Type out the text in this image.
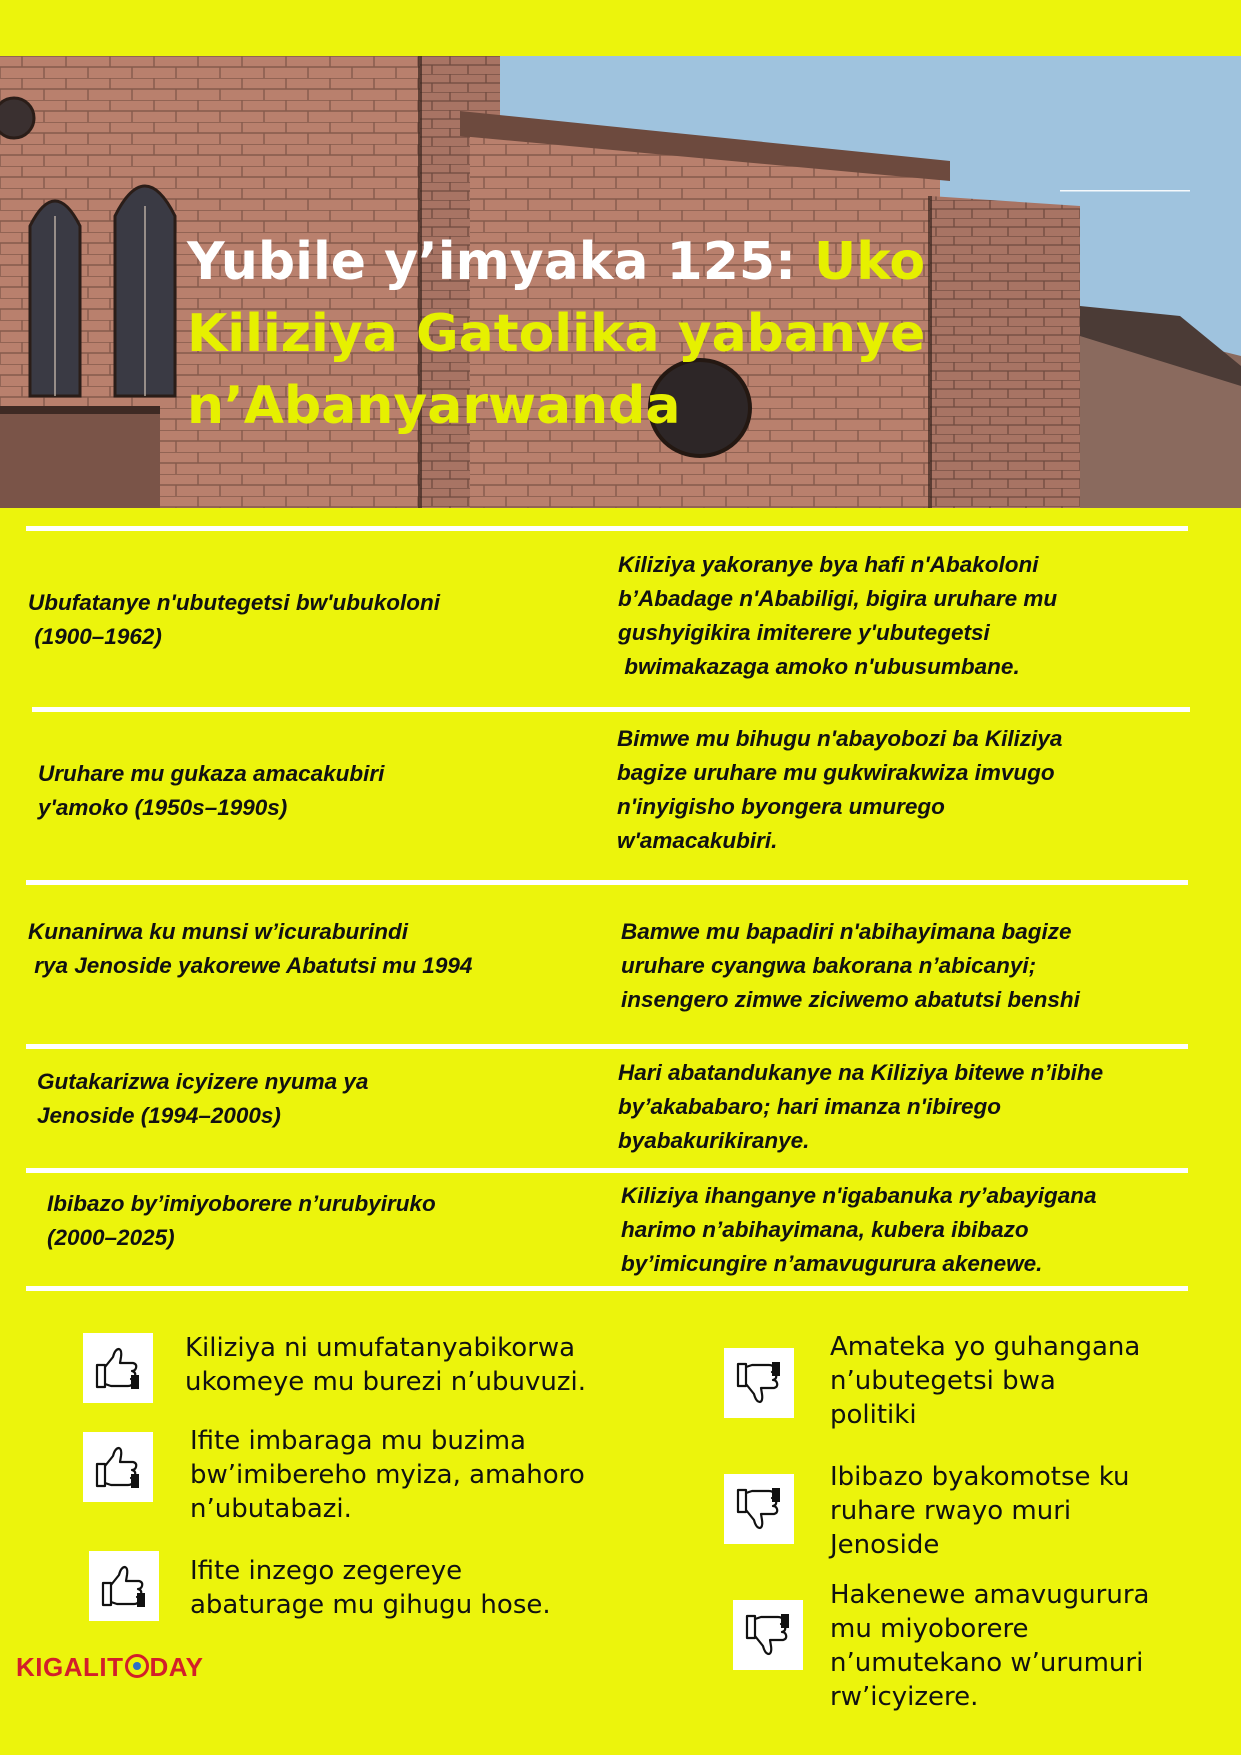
Yubile y’imyaka 125: Uko
Kiliziya Gatolika yabanye
n’Abanyarwanda
Ubufatanye n'ubutegetsi bw'ubukoloni
(1900–1962)
Kiliziya yakoranye bya hafi n'Abakoloni
b’Abadage n'Ababiligi, bigira uruhare mu
gushyigikira imiterere y'ubutegetsi
bwimakazaga amoko n'ubusumbane.
Uruhare mu gukaza amacakubiri
y'amoko (1950s–1990s)
Bimwe mu bihugu n'abayobozi ba Kiliziya
bagize uruhare mu gukwirakwiza imvugo
n'inyigisho byongera umurego
w'amacakubiri.
Kunanirwa ku munsi w’icuraburindi
rya Jenoside yakorewe Abatutsi mu 1994
Bamwe mu bapadiri n'abihayimana bagize
uruhare cyangwa bakorana n’abicanyi;
insengero zimwe ziciwemo abatutsi benshi
Gutakarizwa icyizere nyuma ya
Jenoside (1994–2000s)
Hari abatandukanye na Kiliziya bitewe n’ibihe
by’akababaro; hari imanza n'ibirego
byabakurikiranye.
Ibibazo by’imiyoborere n’urubyiruko
(2000–2025)
Kiliziya ihanganye n'igabanuka ry’abayigana
harimo n’abihayimana, kubera ibibazo
by’imicungire n’amavugurura akenewe.
Kiliziya ni umufatanyabikorwa
ukomeye mu burezi n’ubuvuzi.
Ifite imbaraga mu buzima
bw’imibereho myiza, amahoro
n’ubutabazi.
Ifite inzego zegereye
abaturage mu gihugu hose.
Amateka yo guhangana
n’ubutegetsi bwa
politiki
Ibibazo byakomotse ku
ruhare rwayo muri
Jenoside
Hakenewe amavugurura
mu miyoborere
n’umutekano w’urumuri
rw’icyizere.
KIGALIT DAY
